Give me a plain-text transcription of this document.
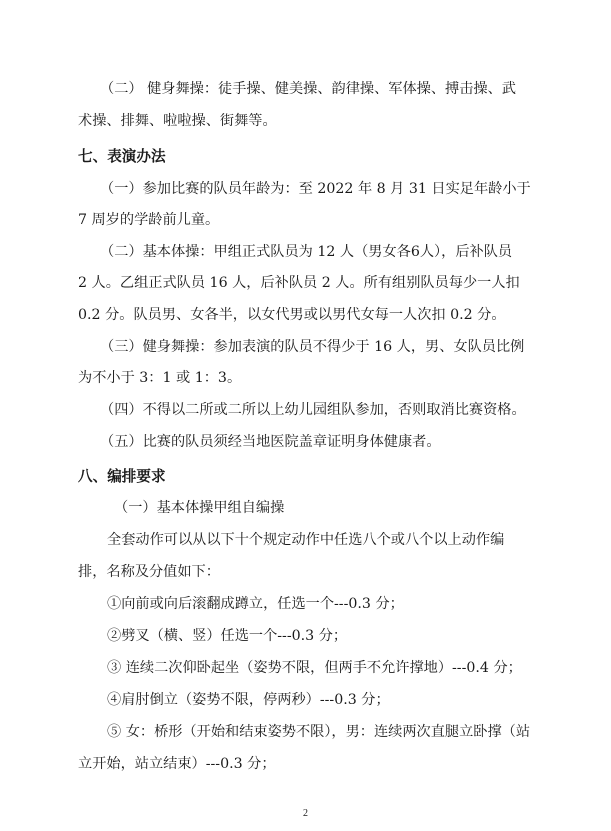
（二） 健身舞操：徒手操、健美操、韵律操、军体操、搏击操、武
术操、排舞、啦啦操、街舞等。
七、表演办法
（一）参加比赛的队员年龄为：至 2022 年 8 月 31 日实足年龄小于
7 周岁的学龄前儿童。
（二）基本体操：甲组正式队员为 12 人（男女各6人），后补队员
2 人。乙组正式队员 16 人，后补队员 2 人。所有组别队员每少一人扣
0.2 分。队员男、女各半，以女代男或以男代女每一人次扣 0.2 分。
（三）健身舞操：参加表演的队员不得少于 16 人，男、女队员比例
为不小于 3：1 或 1：3。
（四）不得以二所或二所以上幼儿园组队参加，否则取消比赛资格。
（五）比赛的队员须经当地医院盖章证明身体健康者。
八、编排要求
（一）基本体操甲组自编操
全套动作可以从以下十个规定动作中任选八个或八个以上动作编
排，名称及分值如下：
①向前或向后滚翻成蹲立，任选一个---0.3 分；
②劈叉（横、竖）任选一个---0.3 分；
③ 连续二次仰卧起坐（姿势不限，但两手不允许撑地）---0.4 分；
④肩肘倒立（姿势不限，停两秒）---0.3 分；
⑤ 女：桥形（开始和结束姿势不限），男：连续两次直腿立卧撑（站
立开始，站立结束）---0.3 分；
2
